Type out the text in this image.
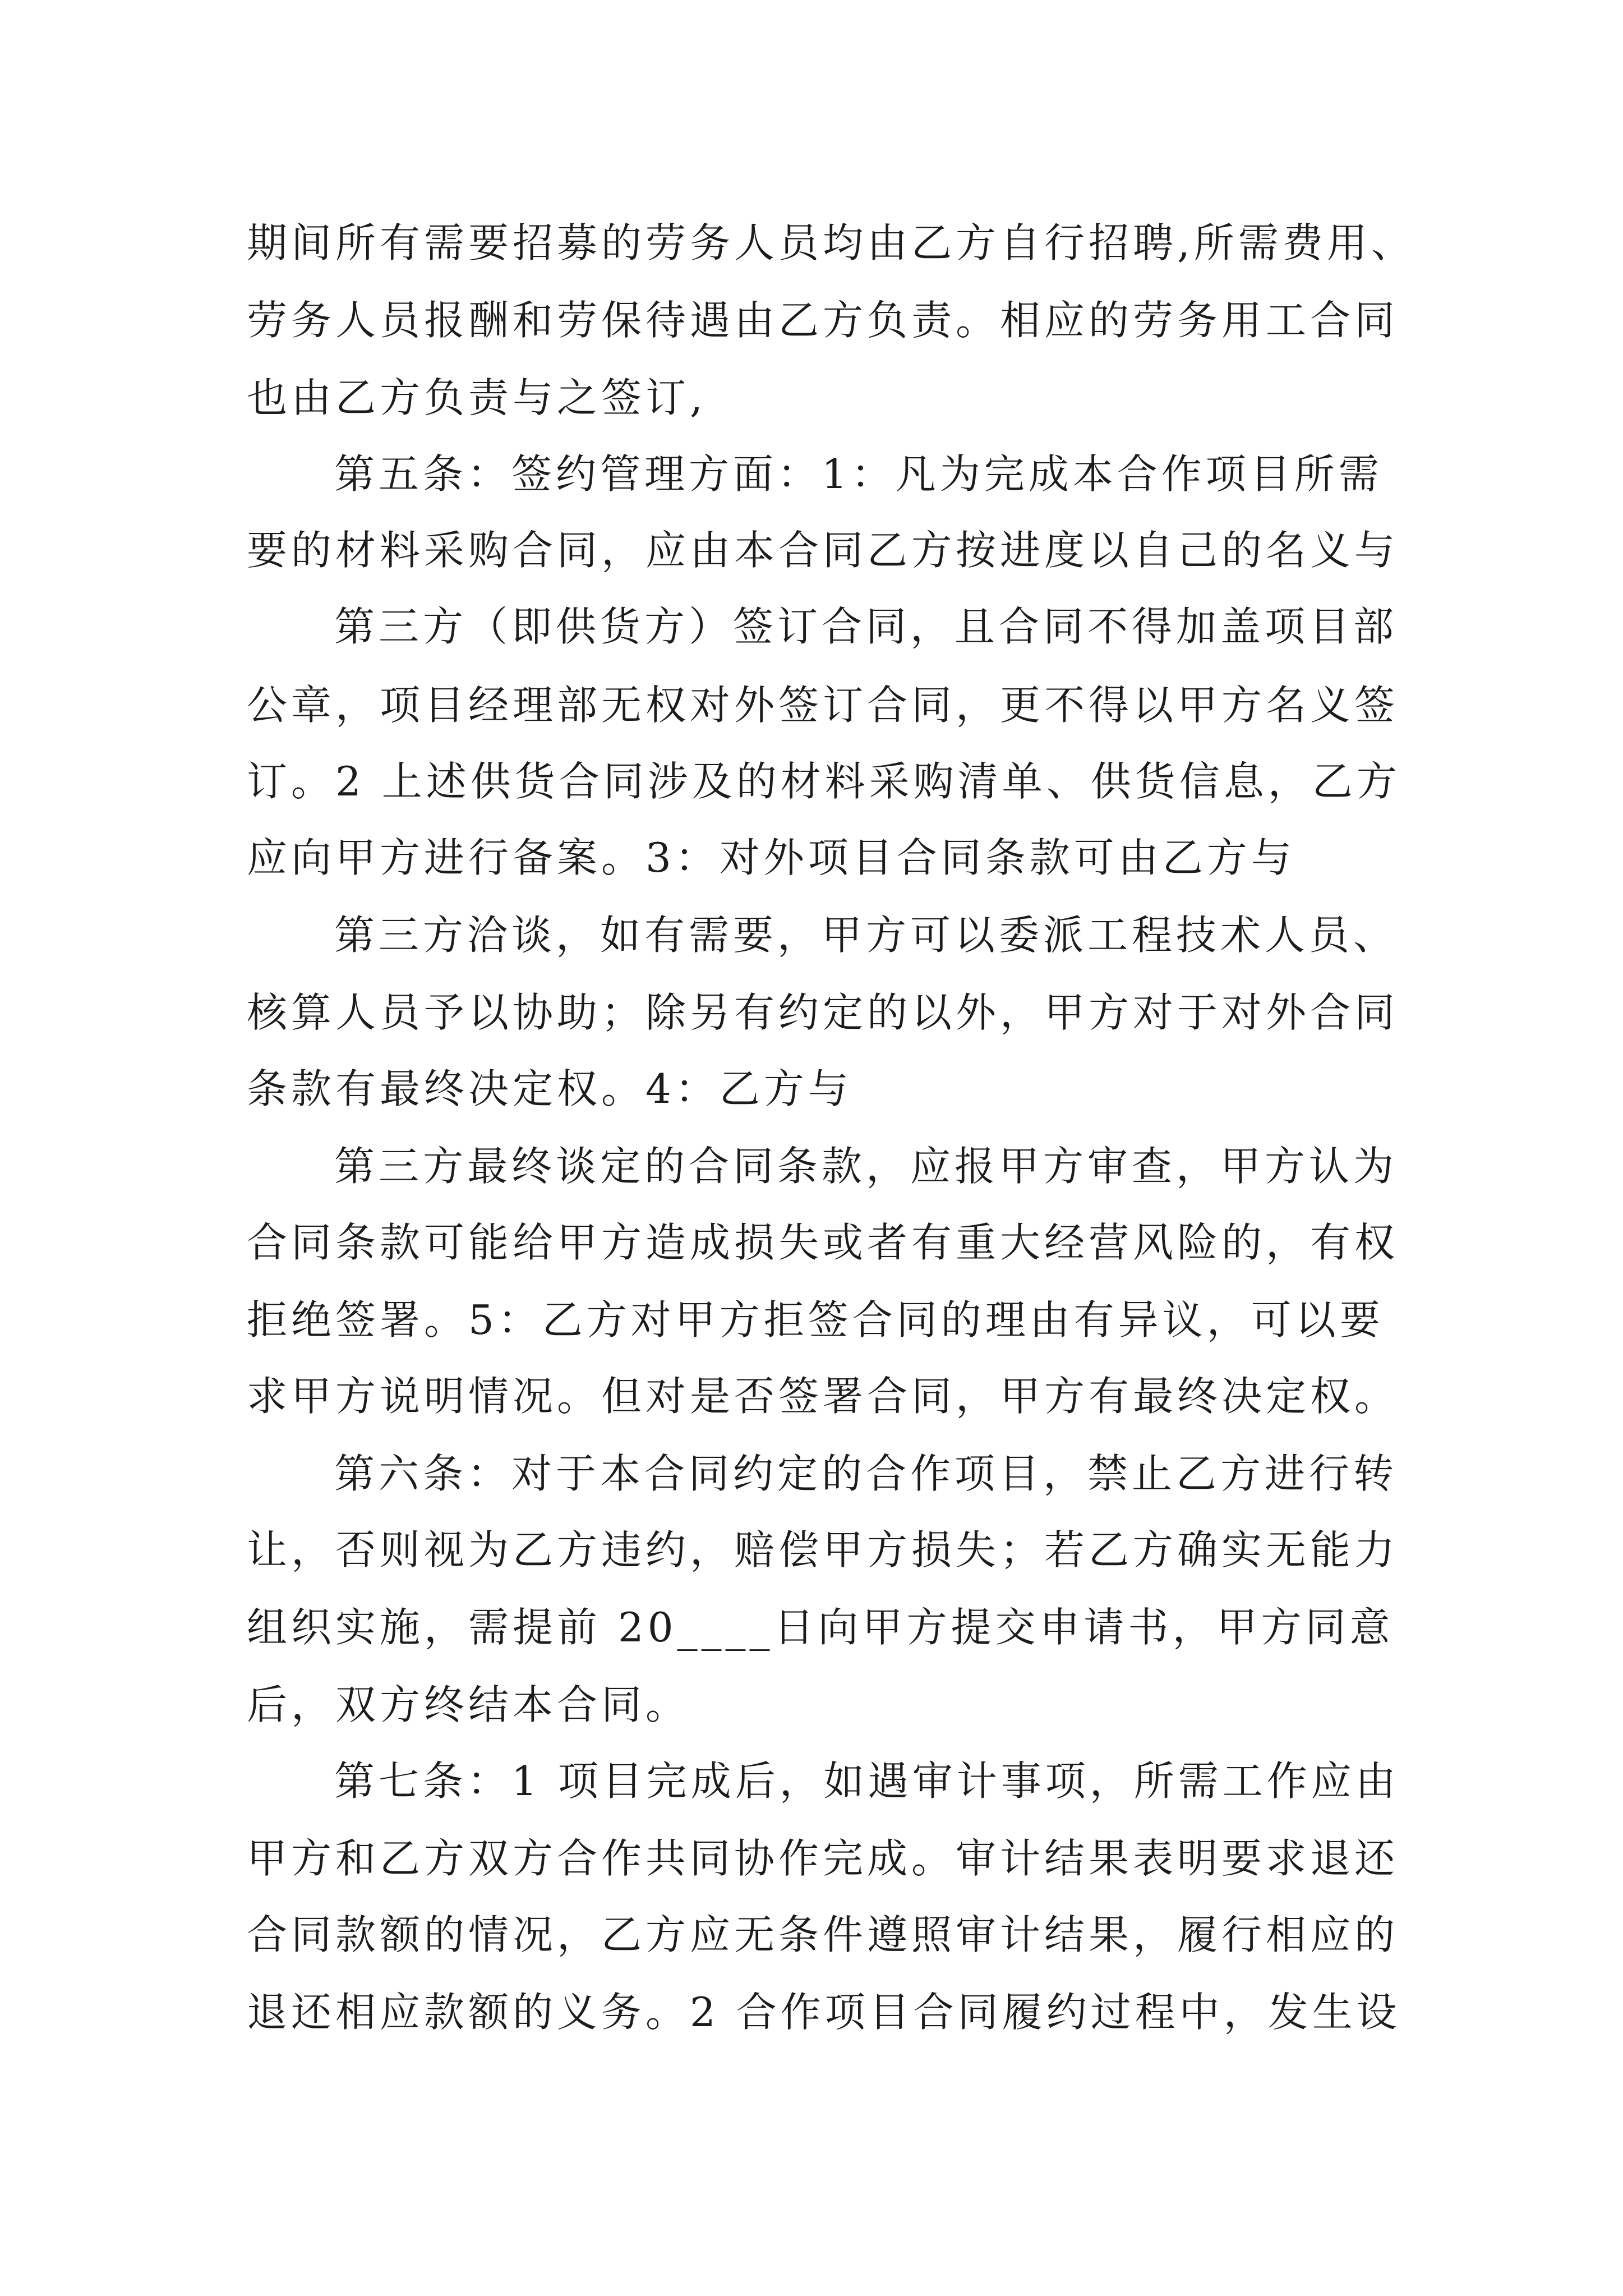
期间所有需要招募的劳务人员均由乙方自行招聘,所需费用、
劳务人员报酬和劳保待遇由乙方负责。相应的劳务用工合同
也由乙方负责与之签订,
第五条：签约管理方面：1：凡为完成本合作项目所需
要的材料采购合同，应由本合同乙方按进度以自己的名义与
第三方（即供货方）签订合同，且合同不得加盖项目部
公章，项目经理部无权对外签订合同，更不得以甲方名义签
订。2 上述供货合同涉及的材料采购清单、供货信息，乙方
应向甲方进行备案。3：对外项目合同条款可由乙方与
第三方洽谈，如有需要，甲方可以委派工程技术人员、
核算人员予以协助；除另有约定的以外，甲方对于对外合同
条款有最终决定权。4：乙方与
第三方最终谈定的合同条款，应报甲方审查，甲方认为
合同条款可能给甲方造成损失或者有重大经营风险的，有权
拒绝签署。5：乙方对甲方拒签合同的理由有异议，可以要
求甲方说明情况。但对是否签署合同，甲方有最终决定权。
第六条：对于本合同约定的合作项目，禁止乙方进行转
让，否则视为乙方违约，赔偿甲方损失；若乙方确实无能力
组织实施，需提前 20____日向甲方提交申请书，甲方同意
后，双方终结本合同。
第七条：1 项目完成后，如遇审计事项，所需工作应由
甲方和乙方双方合作共同协作完成。审计结果表明要求退还
合同款额的情况，乙方应无条件遵照审计结果，履行相应的
退还相应款额的义务。2 合作项目合同履约过程中，发生设
